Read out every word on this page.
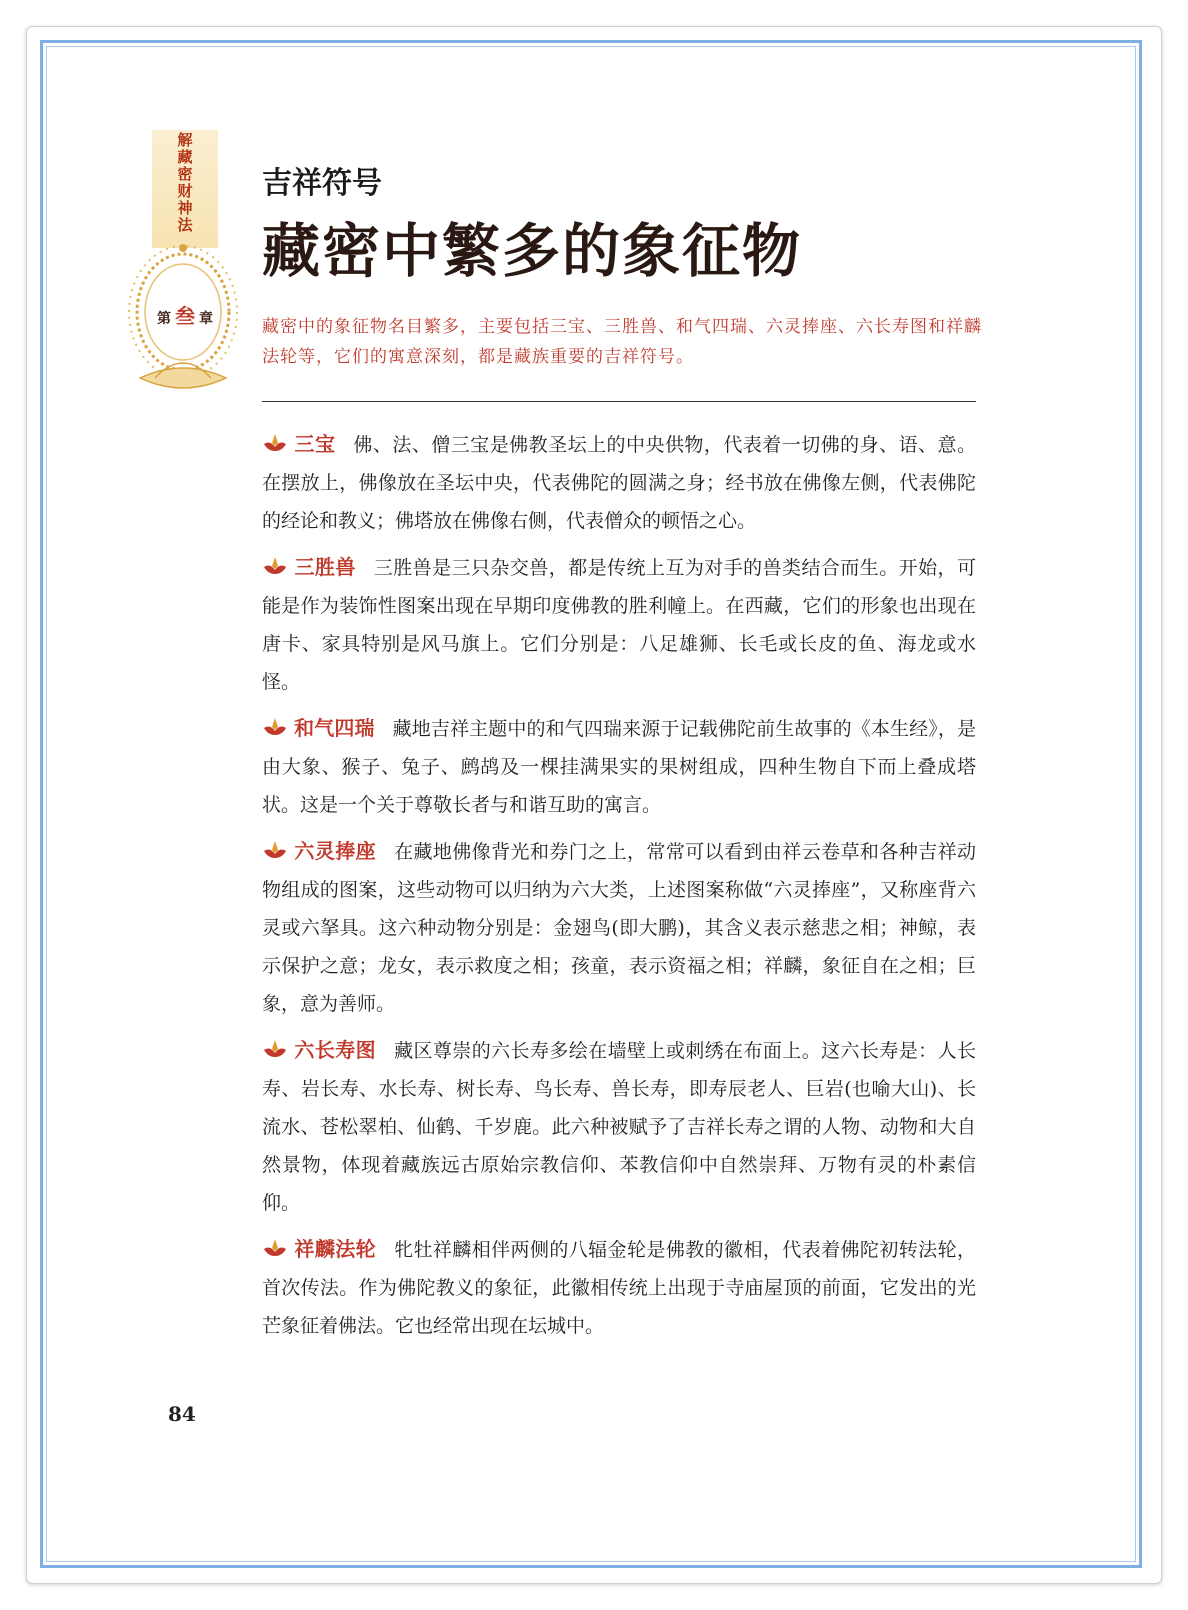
解藏密财神法
第 叁 章
吉祥符号
藏密中繁多的象征物

藏密中的象征物名目繁多，主要包括三宝、三胜兽、和气四瑞、六灵捧座、六长寿图和祥麟法轮等，它们的寓意深刻，都是藏族重要的吉祥符号。

三宝 佛、法、僧三宝是佛教圣坛上的中央供物，代表着一切佛的身、语、意。在摆放上，佛像放在圣坛中央，代表佛陀的圆满之身；经书放在佛像左侧，代表佛陀的经论和教义；佛塔放在佛像右侧，代表僧众的顿悟之心。

三胜兽 三胜兽是三只杂交兽，都是传统上互为对手的兽类结合而生。开始，可能是作为装饰性图案出现在早期印度佛教的胜利幢上。在西藏，它们的形象也出现在唐卡、家具特别是风马旗上。它们分别是：八足雄狮、长毛或长皮的鱼、海龙或水怪。

和气四瑞 藏地吉祥主题中的和气四瑞来源于记载佛陀前生故事的《本生经》，是由大象、猴子、兔子、鹧鸪及一棵挂满果实的果树组成，四种生物自下而上叠成塔状。这是一个关于尊敬长者与和谐互助的寓言。

六灵捧座 在藏地佛像背光和券门之上，常常可以看到由祥云卷草和各种吉祥动物组成的图案，这些动物可以归纳为六大类，上述图案称做“六灵捧座”，又称座背六灵或六拏具。这六种动物分别是：金翅鸟(即大鹏)，其含义表示慈悲之相；神鲸，表示保护之意；龙女，表示救度之相；孩童，表示资福之相；祥麟，象征自在之相；巨象，意为善师。

六长寿图 藏区尊崇的六长寿多绘在墙壁上或刺绣在布面上。这六长寿是：人长寿、岩长寿、水长寿、树长寿、鸟长寿、兽长寿，即寿辰老人、巨岩(也喻大山)、长流水、苍松翠柏、仙鹤、千岁鹿。此六种被赋予了吉祥长寿之谓的人物、动物和大自然景物，体现着藏族远古原始宗教信仰、苯教信仰中自然崇拜、万物有灵的朴素信仰。

祥麟法轮 牝牡祥麟相伴两侧的八辐金轮是佛教的徽相，代表着佛陀初转法轮，首次传法。作为佛陀教义的象征，此徽相传统上出现于寺庙屋顶的前面，它发出的光芒象征着佛法。它也经常出现在坛城中。

84
